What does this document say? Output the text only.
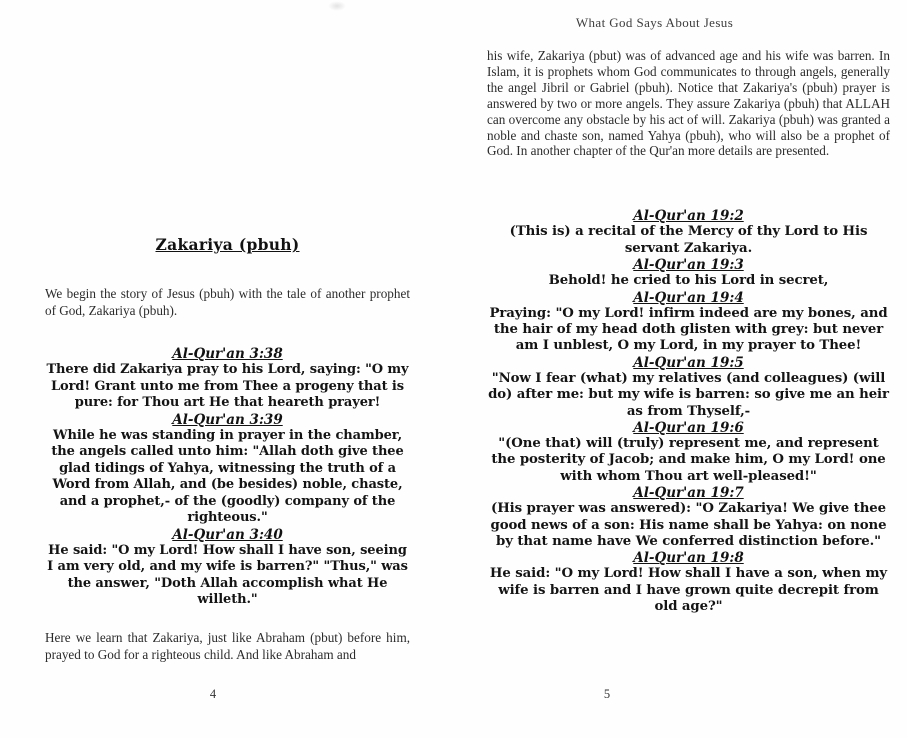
What God Says About Jesus
Zakariya (pbuh)

We begin the story of Jesus (pbuh) with the tale of another prophet of God, Zakariya (pbuh).

Al-Qur'an 3:38
There did Zakariya pray to his Lord, saying: "O my Lord! Grant unto me from Thee a progeny that is pure: for Thou art He that heareth prayer!
Al-Qur'an 3:39
While he was standing in prayer in the chamber, the angels called unto him: "Allah doth give thee glad tidings of Yahya, witnessing the truth of a Word from Allah, and (be besides) noble, chaste, and a prophet,- of the (goodly) company of the righteous."
Al-Qur'an 3:40
He said: "O my Lord! How shall I have son, seeing I am very old, and my wife is barren?" "Thus," was the answer, "Doth Allah accomplish what He willeth."

Here we learn that Zakariya, just like Abraham (pbut) before him, prayed to God for a righteous child. And like Abraham and

his wife, Zakariya (pbut) was of advanced age and his wife was barren. In Islam, it is prophets whom God communicates to through angels, generally the angel Jibril or Gabriel (pbuh). Notice that Zakariya's (pbuh) prayer is answered by two or more angels. They assure Zakariya (pbuh) that ALLAH can overcome any obstacle by his act of will. Zakariya (pbuh) was granted a noble and chaste son, named Yahya (pbuh), who will also be a prophet of God. In another chapter of the Qur'an more details are presented.

Al-Qur'an 19:2
(This is) a recital of the Mercy of thy Lord to His servant Zakariya.
Al-Qur'an 19:3
Behold! he cried to his Lord in secret,
Al-Qur'an 19:4
Praying: "O my Lord! infirm indeed are my bones, and the hair of my head doth glisten with grey: but never am I unblest, O my Lord, in my prayer to Thee!
Al-Qur'an 19:5
"Now I fear (what) my relatives (and colleagues) (will do) after me: but my wife is barren: so give me an heir as from Thyself,-
Al-Qur'an 19:6
"(One that) will (truly) represent me, and represent the posterity of Jacob; and make him, O my Lord! one with whom Thou art well-pleased!"
Al-Qur'an 19:7
(His prayer was answered): "O Zakariya! We give thee good news of a son: His name shall be Yahya: on none by that name have We conferred distinction before."
Al-Qur'an 19:8
He said: "O my Lord! How shall I have a son, when my wife is barren and I have grown quite decrepit from old age?"
4	5
